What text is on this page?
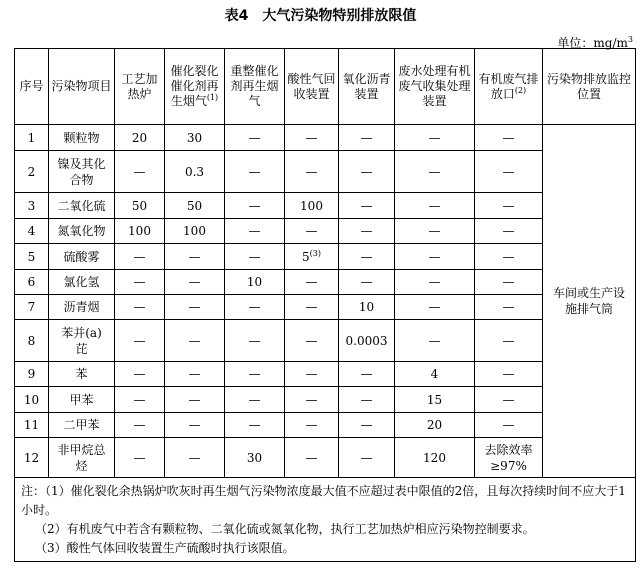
表4 大气污染物特别排放限值
单位：$mg/m^3$
序号	污染物项目	工艺加热炉	催化裂化催化剂再生烟气$^{(1)}$	重整催化剂再生烟气	酸性气回收装置	氧化沥青装置	废水处理有机废气收集处理装置	有机废气排放口$^{(2)}$	污染物排放监控位置
1	颗粒物	20	30	—	—	—	—	—	车间或生产设施排气筒
2	镍及其化合物	—	0.3	—	—	—	—	—	
3	二氧化硫	50	50	—	100	—	—	—	
4	氮氧化物	100	100	—	—	—	—	—	
5	硫酸雾	—	—	—	5$^{(3)}$	—	—	—	
6	氯化氢	—	—	10	—	—	—	—	
7	沥青烟	—	—	—	—	10	—	—	
8	苯并(a)芘	—	—	—	—	0.0003	—	—	
9	苯	—	—	—	—	—	4	—	
10	甲苯	—	—	—	—	—	15	—	
11	二甲苯	—	—	—	—	—	20	—	
12	非甲烷总烃	—	—	30	—	—	120	去除效率≥97%	

注：（1）催化裂化余热锅炉吹灰时再生烟气污染物浓度最大值不应超过表中限值的2倍，且每次持续时间不应大于1小时。
（2）有机废气中若含有颗粒物、二氧化硫或氮氧化物，执行工艺加热炉相应污染物控制要求。
（3）酸性气体回收装置生产硫酸时执行该限值。									
